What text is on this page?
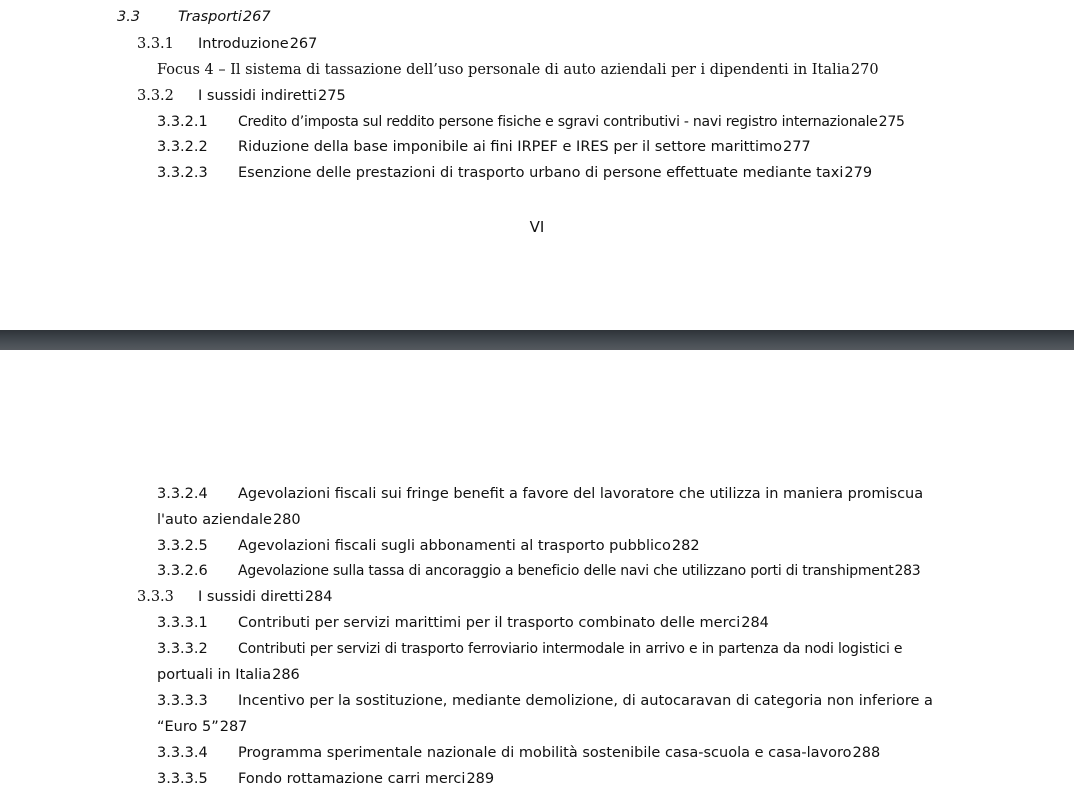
3.3	Trasporti 267
3.3.1 Introduzione 267
Focus 4 – Il sistema di tassazione dell’uso personale di auto aziendali per i dipendenti in Italia 270
3.3.2 I sussidi indiretti 275
3.3.2.1 Credito d’imposta sul reddito persone fisiche e sgravi contributivi - navi registro internazionale 275
3.3.2.2 Riduzione della base imponibile ai fini IRPEF e IRES per il settore marittimo 277
3.3.2.3 Esenzione delle prestazioni di trasporto urbano di persone effettuate mediante taxi 279
VI
3.3.2.4 Agevolazioni fiscali sui fringe benefit a favore del lavoratore che utilizza in maniera promiscua
l'auto aziendale 280
3.3.2.5 Agevolazioni fiscali sugli abbonamenti al trasporto pubblico 282
3.3.2.6 Agevolazione sulla tassa di ancoraggio a beneficio delle navi che utilizzano porti di transhipment 283
3.3.3 I sussidi diretti 284
3.3.3.1 Contributi per servizi marittimi per il trasporto combinato delle merci 284
3.3.3.2 Contributi per servizi di trasporto ferroviario intermodale in arrivo e in partenza da nodi logistici e
portuali in Italia 286
3.3.3.3 Incentivo per la sostituzione, mediante demolizione, di autocaravan di categoria non inferiore a
“Euro 5” 287
3.3.3.4 Programma sperimentale nazionale di mobilità sostenibile casa-scuola e casa-lavoro 288
3.3.3.5 Fondo rottamazione carri merci 289
